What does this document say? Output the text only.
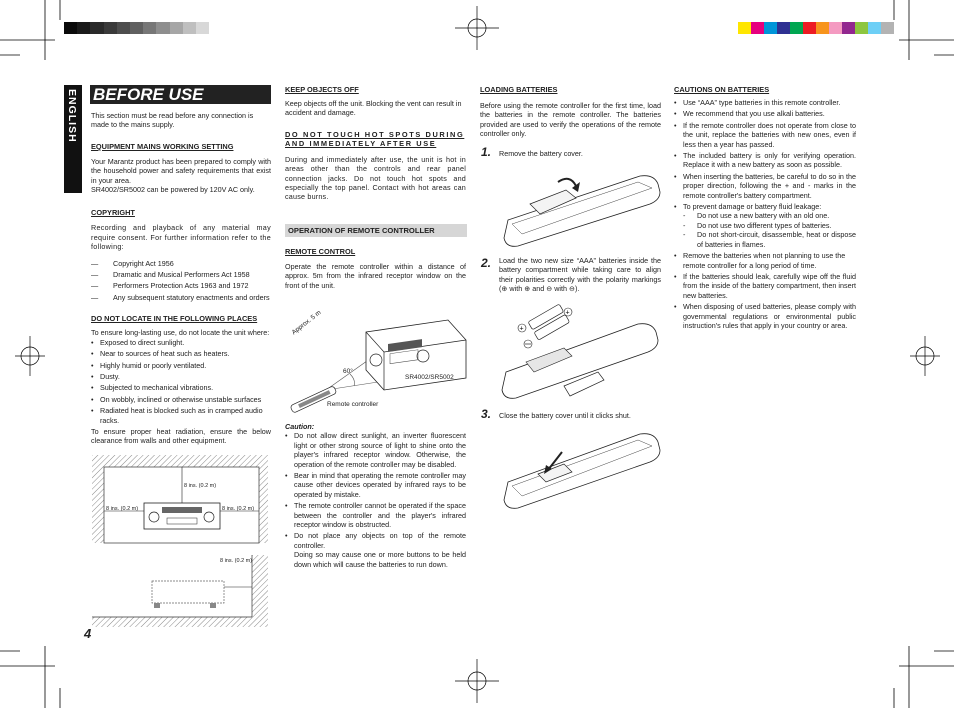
ENGLISH
4
BEFORE USE

This section must be read before any connection is made to the mains supply.

EQUIPMENT MAINS WORKING SETTING

Your Marantz product has been prepared to comply with the household power and safety requirements that exist in your area.

SR4002/SR5002 can be powered by 120V AC only.

COPYRIGHT

Recording and playback of any material may require consent. For further information refer to the following:

— Copyright Act 1956
— Dramatic and Musical Performers Act 1958
— Performers Protection Acts 1963 and 1972
— Any subsequent statutory enactments and orders

DO NOT LOCATE IN THE FOLLOWING PLACES

To ensure long-lasting use, do not locate the unit where:

• Exposed to direct sunlight.
• Near to sources of heat such as heaters.
• Highly humid or poorly ventilated.
• Dusty.
• Subjected to mechanical vibrations.
• On wobbly, inclined or otherwise unstable surfaces
• Radiated heat is blocked such as in cramped audio racks.

To ensure proper heat radiation, ensure the below clearance from walls and other equipment.

8 ins. (0.2 m)
8 ins. (0.2 m)	8 ins. (0.2 m)
8 ins. (0.2 m)

KEEP OBJECTS OFF

Keep objects off the unit. Blocking the vent can result in accident and damage.

DO NOT TOUCH HOT SPOTS DURING AND IMMEDIATELY AFTER USE

During and immediately after use, the unit is hot in areas other than the controls and rear panel connection jacks. Do not touch hot spots and especially the top panel. Contact with hot areas can cause burns.

OPERATION OF REMOTE CONTROLLER

REMOTE CONTROL

Operate the remote controller within a distance of approx. 5m from the infrared receptor window on the front of the unit.

Approx. 5 m
60°
SR4002/SR5002
Remote controller

Caution:

• Do not allow direct sunlight, an inverter fluorescent light or other strong source of light to shine onto the player's infrared receptor window. Otherwise, the operation of the remote controller may be disabled.
• Bear in mind that operating the remote controller may cause other devices operated by infrared rays to be operated by mistake.
• The remote controller cannot be operated if the space between the controller and the player's infrared receptor window is obstructed.
• Do not place any objects on top of the remote controller.

Doing so may cause one or more buttons to be held down which will cause the batteries to run down.

LOADING BATTERIES

Before using the remote controller for the first time, load the batteries in the remote controller. The batteries provided are used to verify the operations of the remote controller only.

1.	Remove the battery cover.
2.	Load the two new size “AAA” batteries inside the battery compartment while taking care to align their polarities correctly with the polarity markings (⊕ with ⊕ and ⊖ with ⊖).
+
+
3.	Close the battery cover until it clicks shut.

CAUTIONS ON BATTERIES

• Use “AAA” type batteries in this remote controller.
• We recommend that you use alkali batteries.
• If the remote controller does not operate from close to the unit, replace the batteries with new ones, even if less then a year has passed.
• The included battery is only for verifying operation. Replace it with a new battery as soon as possible.
• When inserting the batteries, be careful to do so in the proper direction, following the + and - marks in the remote controller's battery compartment.
• To prevent damage or battery fluid leakage:
- Do not use a new battery with an old one.
- Do not use two different types of batteries.
- Do not short-circuit, disassemble, heat or dispose of batteries in flames.
• Remove the batteries when not planning to use the remote controller for a long period of time.
• If the batteries should leak, carefully wipe off the fluid from the inside of the battery compartment, then insert new batteries.
• When disposing of used batteries, please comply with governmental regulations or environmental public instruction's rules that apply in your country or area.
